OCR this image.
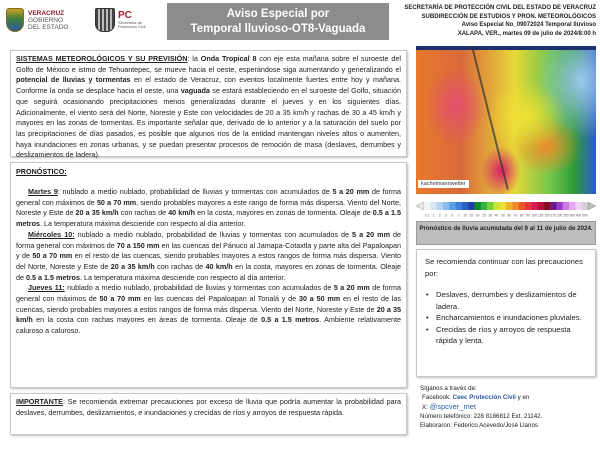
VERACRUZ
GOBIERNO
DEL ESTADO
PC
Secretaría de
Protección Civil
Aviso Especial por
Temporal lluvioso-OT8-Vaguada
SECRETARÍA DE PROTECCIÓN CIVIL DEL ESTADO DE VERACRUZ
SUBDIRECCIÓN DE ESTUDIOS Y PRON. METEOROLÓGICOS
Aviso Especial No_09072024 Temporal lluvioso
XALAPA, VER., martes 09 de julio de 2024/8:00 h

SISTEMAS METEOROLÓGICOS Y SU PREVISIÓN: la Onda Tropical 8 con eje esta mañana sobre el suroeste del Golfo de México e istmo de Tehuantepec, se mueve hacia el oeste, esperándose siga aumentando y generalizando el potencial de lluvias y tormentas en el estado de Veracruz, con eventos localmente fuertes entre hoy y mañana. Conforme la onda se desplace hacia el oeste, una vaguada se estará estableciendo en el suroeste del Golfo, situación que seguirá ocasionando precipitaciones menos generalizadas durante el jueves y en los siguientes días. Adicionalmente, el viento será del Norte, Noreste y Este con velocidades de 20 a 35 km/h y rachas de 30 a 45 km/h y mayores en las zonas de tormentas. Es importante señalar que, derivado de lo anterior y a la saturación del suelo por las precipitaciones de días pasados, es posible que algunos ríos de la entidad mantengan niveles altos o aumenten, haya inundaciones en zonas urbanas, y se puedan presentar procesos de remoción de masa (deslaves, derrumbes y deslizamientos de ladera).

PRONÓSTICO:

Martes 9: nublado a medio nublado, probabilidad de lluvias y tormentas con acumulados de 5 a 20 mm de forma general con máximos de 50 a 70 mm, siendo probables mayores a este rango de forma más dispersa. Viento del Norte, Noreste y Este de 20 a 35 km/h con rachas de 40 km/h en la costa, mayores en zonas de tormenta. Oleaje de 0.5 a 1.5 metros. La temperatura máxima desciende con respecto al día anterior.

Miércoles 10: nublado a medio nublado, probabilidad de lluvias y tormentas con acumulados de 5 a 20 mm de forma general con máximos de 70 a 150 mm en las cuencas del Pánuco al Jamapa-Cotaxtla y parte alta del Papaloapan y de 50 a 70 mm en el resto de las cuencas, siendo probables mayores a estos rangos de forma más dispersa. Viento del Norte, Noreste y Este de 20 a 35 km/h con rachas de 40 km/h en la costa, mayores en zonas de tormenta. Oleaje de 0.5 a 1.5 metros. La temperatura máxima desciende con respecto al día anterior.

Jueves 11: nublado a medio nublado, probabilidad de lluvias y tormentas con acumulados de 5 a 20 mm de forma general con máximos de 50 a 70 mm en las cuencas del Papaloapan al Tonalá y de 30 a 50 mm en el resto de las cuencas, siendo probables mayores a estos rangos de forma más dispersa. Viento del Norte, Noreste y Este de 20 a 35 km/h en la costa con rachas mayores en áreas de tormenta. Oleaje de 0.5 a 1.5 metros. Ambiente relativamente caluroso a caluroso.

IMPORTANTE: Se recomienda extremar precauciones por exceso de lluvia que podría aumentar la probabilidad para deslaves, derrumbes, deslizamientos, e inundaciones y crecidas de ríos y arroyos de respuesta rápida.

kachelmannwetter
0.1 1 2 3 5 7 10 15 20 25 30 40 50 60 70 80 90 100 125 150 175 200 250 300 400 500
Pronóstico de lluvia acumulada del 9 al 11 de julio de 2024.
Se recomienda continuar con las precauciones por:
• Deslaves, derrumbes y deslizamientos de ladera.
• Encharcamientos e inundaciones pluviales.
• Crecidas de ríos y arroyos de respuesta rápida y lenta.
Síganos a través de:
Facebook: Ceec Protección Civil y en
X: @spcver_met
Número telefónico: 228 8186812 Ext. 21142.
Elaboraron: Federico Acevedo/José Llanos
